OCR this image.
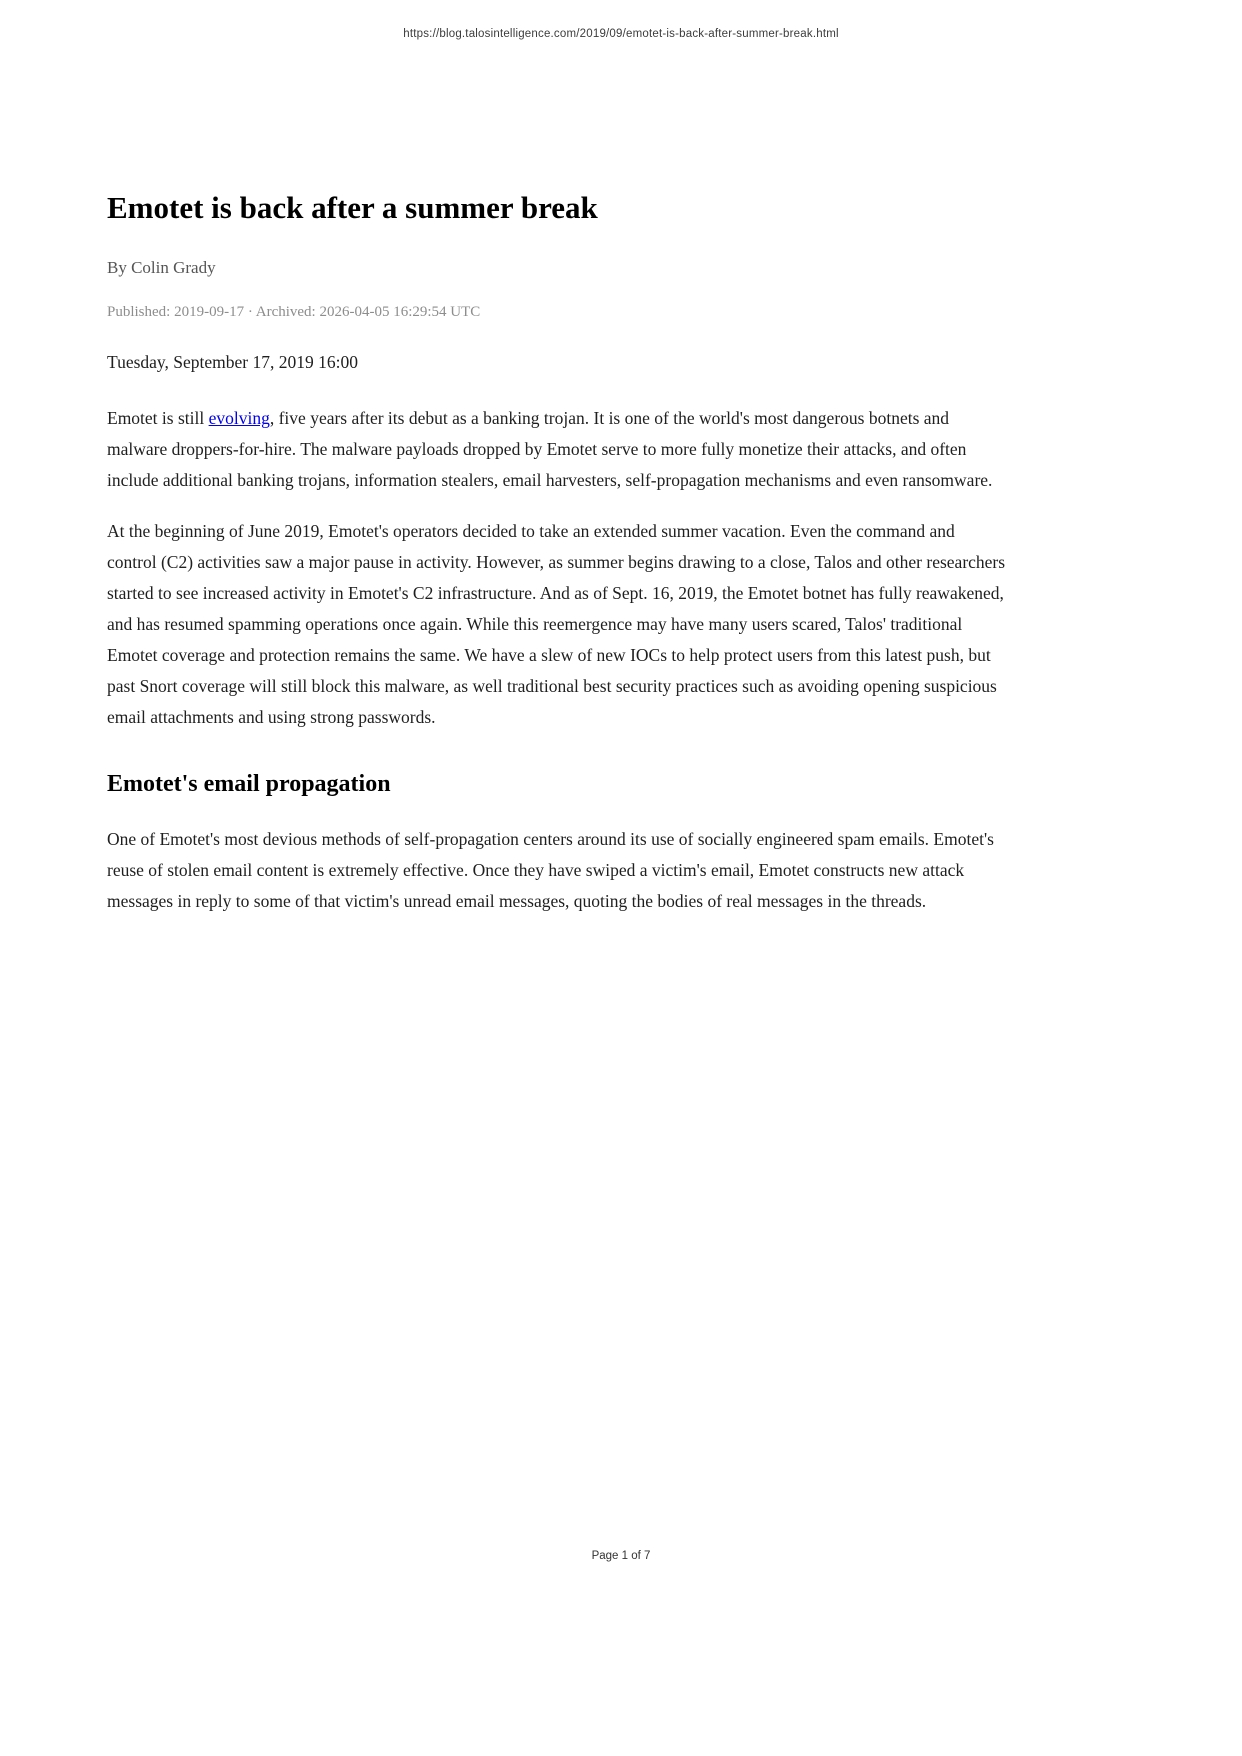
https://blog.talosintelligence.com/2019/09/emotet-is-back-after-summer-break.html
Emotet is back after a summer break
By Colin Grady
Published: 2019-09-17 · Archived: 2026-04-05 16:29:54 UTC
Tuesday, September 17, 2019 16:00

Emotet is still evolving, five years after its debut as a banking trojan. It is one of the world's most dangerous botnets and malware droppers-for-hire. The malware payloads dropped by Emotet serve to more fully monetize their attacks, and often include additional banking trojans, information stealers, email harvesters, self-propagation mechanisms and even ransomware.

At the beginning of June 2019, Emotet's operators decided to take an extended summer vacation. Even the command and control (C2) activities saw a major pause in activity. However, as summer begins drawing to a close, Talos and other researchers started to see increased activity in Emotet's C2 infrastructure. And as of Sept. 16, 2019, the Emotet botnet has fully reawakened, and has resumed spamming operations once again. While this reemergence may have many users scared, Talos' traditional Emotet coverage and protection remains the same. We have a slew of new IOCs to help protect users from this latest push, but past Snort coverage will still block this malware, as well traditional best security practices such as avoiding opening suspicious email attachments and using strong passwords.

Emotet's email propagation

One of Emotet's most devious methods of self-propagation centers around its use of socially engineered spam emails. Emotet's reuse of stolen email content is extremely effective. Once they have swiped a victim's email, Emotet constructs new attack messages in reply to some of that victim's unread email messages, quoting the bodies of real messages in the threads.

Page 1 of 7
